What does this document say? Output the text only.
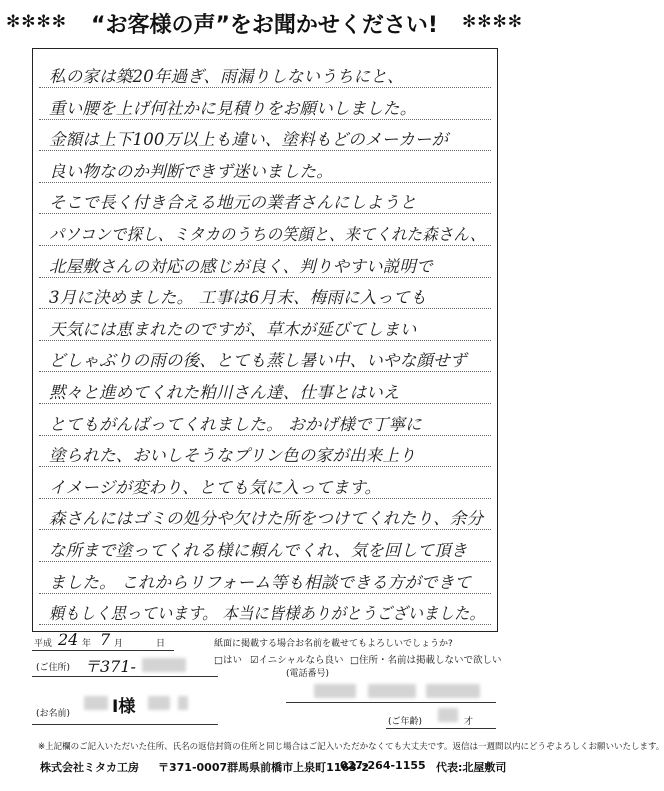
✻✻✻✻	“お客様の声”をお聞かせください!	✻✻✻✻
私の家は築20年過ぎ、雨漏りしないうちにと、
重い腰を上げ何社かに見積りをお願いしました。
金額は上下100万以上も違い、塗料もどのメーカーが
良い物なのか判断できず迷いました。
そこで長く付き合える地元の業者さんにしようと
パソコンで探し、ミタカのうちの笑顔と、来てくれた森さん、
北屋敷さんの対応の感じが良く、判りやすい説明で
3月に決めました。 工事は6月末、梅雨に入っても
天気には恵まれたのですが、草木が延びてしまい
どしゃぶりの雨の後、とても蒸し暑い中、いやな顔せず
黙々と進めてくれた粕川さん達、仕事とはいえ
とてもがんばってくれました。 おかげ様で丁寧に
塗られた、おいしそうなプリン色の家が出来上り
イメージが変わり、とても気に入ってます。
森さんにはゴミの処分や欠けた所をつけてくれたり、余分
な所まで塗ってくれる様に頼んでくれ、気を回して頂き
ました。 これからリフォーム等も相談できる方ができて
頼もしく思っています。 本当に皆様ありがとうございました。
平成 24 年 7 月	日	紙面に掲載する場合お名前を載せてもよろしいでしょうか?
□はい ☑イニシャルなら良い □住所・名前は掲載しないで欲しい
(電話番号)
(ご住所) 〒371-
(お名前) I様
(ご年齢)	才
※上記欄のご記入いただいた住所、氏名の返信封筒の住所と同じ場合はご記入いただかなくても大丈夫です。返信は一週間以内にどうぞよろしくお願いいたします。
株式会社ミタカ工房 〒371-0007群馬県前橋市上泉町1163-2
027-264-1155 代表:北屋敷司
